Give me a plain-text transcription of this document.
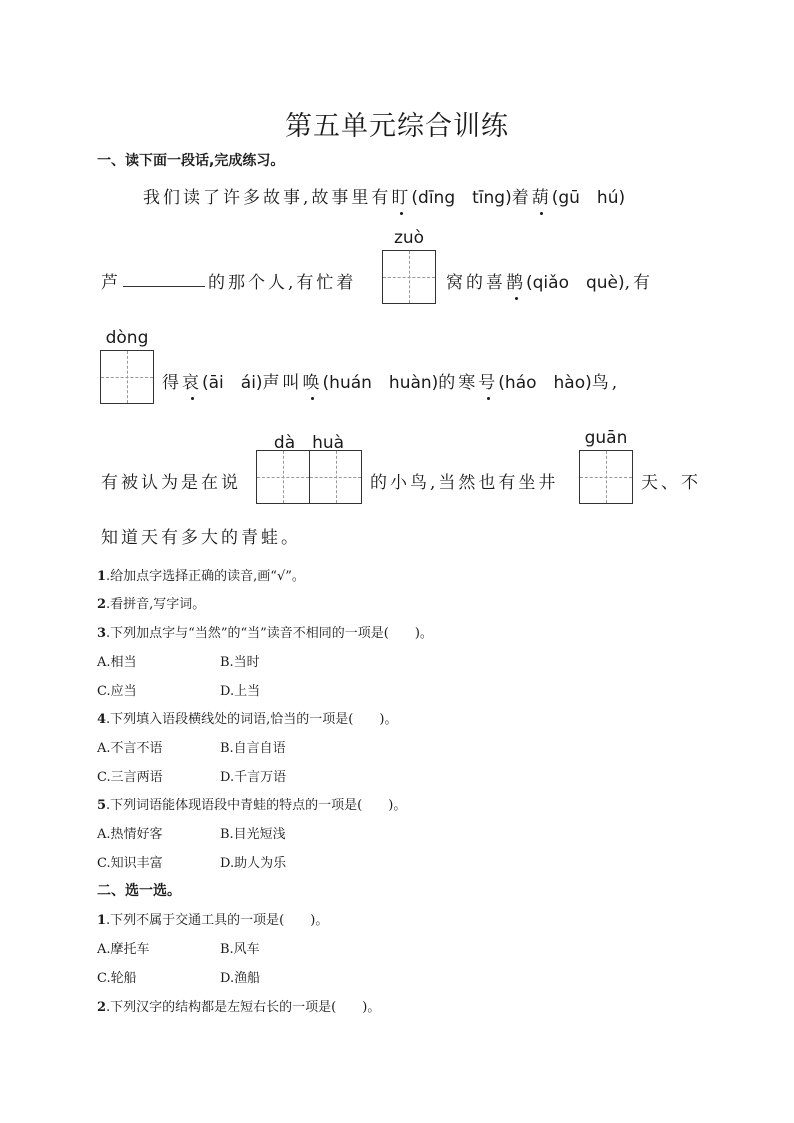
第五单元综合训练
一、读下面一段话,完成练习。
我们读了许多故事,故事里有盯(dīng　tīng)着葫(gū　hú)
芦	的那个人,有忙着
zuò
窝的喜鹊(qiǎo　què),有
dòng
得哀(āi　ái)声叫唤(huán　huàn)的寒号(háo　hào)鸟,
有被认为是在说
dà　huà
的小鸟,当然也有坐井
guān
天、不
知道天有多大的青蛙。
1.给加点字选择正确的读音,画“√”。
2.看拼音,写字词。
3.下列加点字与“当然”的“当”读音不相同的一项是(　　)。
A.相当	B.当时
C.应当	D.上当
4.下列填入语段横线处的词语,恰当的一项是(　　)。
A.不言不语	B.自言自语
C.三言两语	D.千言万语
5.下列词语能体现语段中青蛙的特点的一项是(　　)。
A.热情好客	B.目光短浅
C.知识丰富	D.助人为乐
二、选一选。
1.下列不属于交通工具的一项是(　　)。
A.摩托车	B.风车
C.轮船	D.渔船
2.下列汉字的结构都是左短右长的一项是(　　)。
